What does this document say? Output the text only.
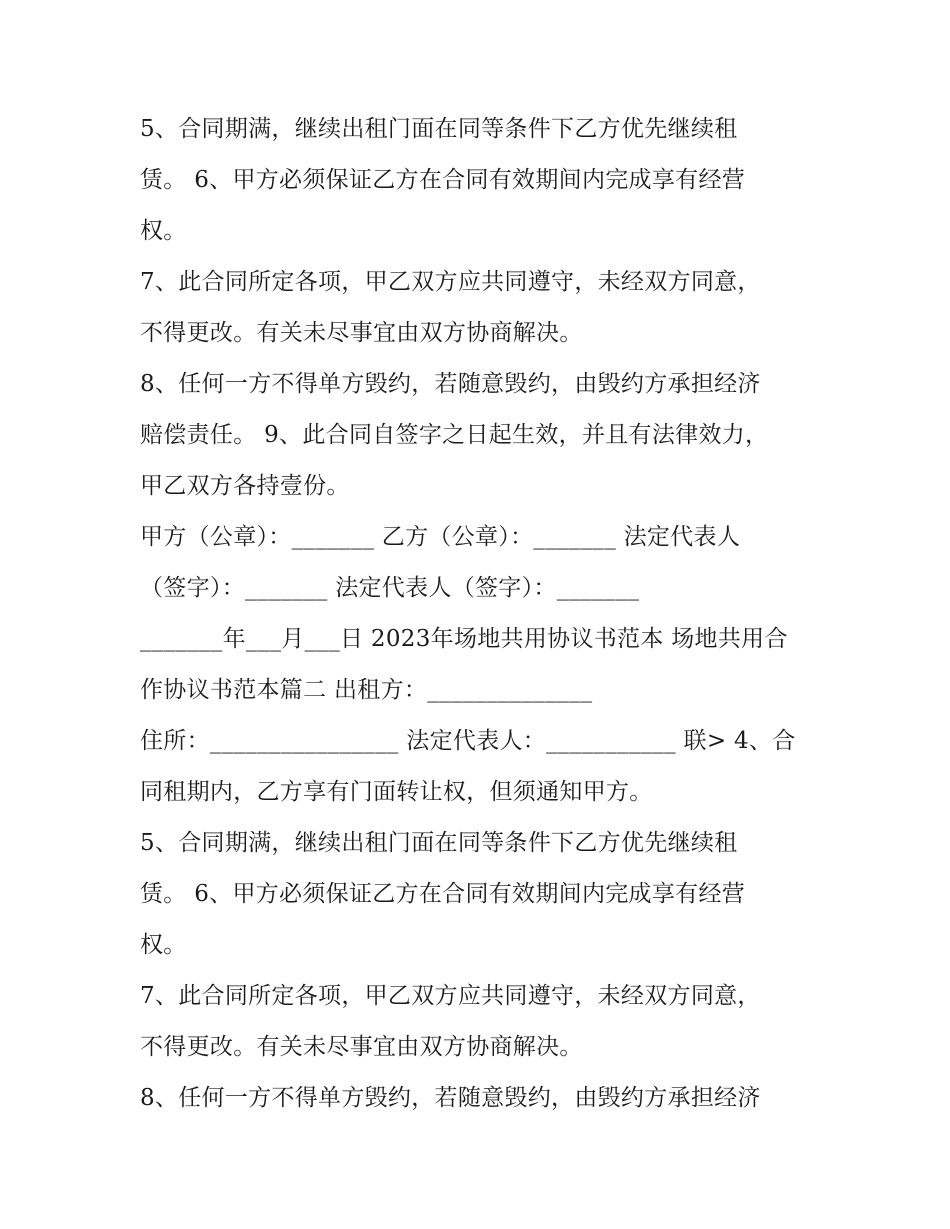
5、合同期满，继续出租门面在同等条件下乙方优先继续租
赁。 6、甲方必须保证乙方在合同有效期间内完成享有经营
权。
7、此合同所定各项，甲乙双方应共同遵守，未经双方同意，
不得更改。有关未尽事宜由双方协商解决。
8、任何一方不得单方毁约，若随意毁约，由毁约方承担经济
赔偿责任。 9、此合同自签字之日起生效，并且有法律效力，
甲乙双方各持壹份。
甲方（公章）：_______ 乙方（公章）：_______ 法定代表人
（签字）：_______ 法定代表人（签字）：_______
_______年___月___日 2023年场地共用协议书范本 场地共用合
作协议书范本篇二 出租方：______________
住所：________________ 法定代表人：___________ 联> 4、合
同租期内，乙方享有门面转让权，但须通知甲方。
5、合同期满，继续出租门面在同等条件下乙方优先继续租
赁。 6、甲方必须保证乙方在合同有效期间内完成享有经营
权。
7、此合同所定各项，甲乙双方应共同遵守，未经双方同意，
不得更改。有关未尽事宜由双方协商解决。
8、任何一方不得单方毁约，若随意毁约，由毁约方承担经济
